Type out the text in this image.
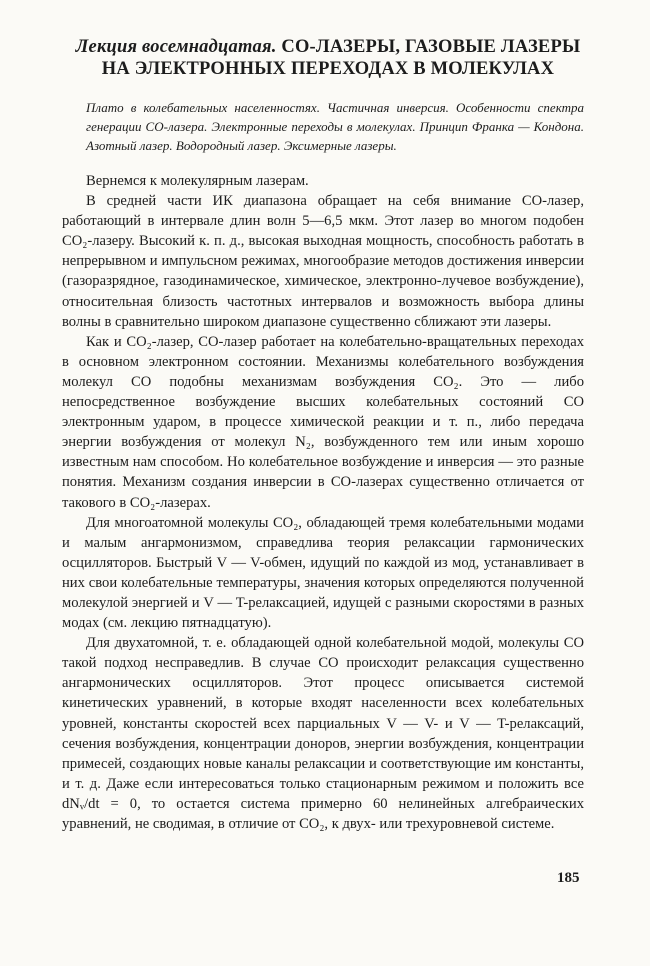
Лекция восемнадцатая. CO-ЛАЗЕРЫ, ГАЗОВЫЕ ЛАЗЕРЫ
НА ЭЛЕКТРОННЫХ ПЕРЕХОДАХ В МОЛЕКУЛАХ
Плато в колебательных населенностях. Частичная инверсия. Особенности спектра генерации CO-лазера. Электронные переходы в молекулах. Принцип Франка — Кондона. Азотный лазер. Водородный лазер. Эксимерные лазеры.

Вернемся к молекулярным лазерам.

В средней части ИК диапазона обращает на себя внимание CO-лазер, работающий в интервале длин волн 5—6,5 мкм. Этот лазер во многом подобен CO₂-лазеру. Высокий к. п. д., высокая выходная мощность, способность работать в непрерывном и импульсном режимах, многообразие методов достижения инверсии (газоразрядное, газодинамическое, химическое, электронно-лучевое возбуждение), относительная близость частотных интервалов и возможность выбора длины волны в сравнительно широком диапазоне существенно сближают эти лазеры.

Как и CO₂-лазер, CO-лазер работает на колебательно-вращательных переходах в основном электронном состоянии. Механизмы колебательного возбуждения молекул CO подобны механизмам возбуждения CO₂. Это — либо непосредственное возбуждение высших колебательных состояний CO электронным ударом, в процессе химической реакции и т. п., либо передача энергии возбуждения от молекул N₂, возбужденного тем или иным хорошо известным нам способом. Но колебательное возбуждение и инверсия — это разные понятия. Механизм создания инверсии в CO-лазерах существенно отличается от такового в CO₂-лазерах.

Для многоатомной молекулы CO₂, обладающей тремя колебательными модами и малым ангармонизмом, справедлива теория релаксации гармонических осцилляторов. Быстрый V — V-обмен, идущий по каждой из мод, устанавливает в них свои колебательные температуры, значения которых определяются полученной молекулой энергией и V — T-релаксацией, идущей с разными скоростями в разных модах (см. лекцию пятнадцатую).

Для двухатомной, т. е. обладающей одной колебательной модой, молекулы CO такой подход несправедлив. В случае CO происходит релаксация существенно ангармонических осцилляторов. Этот процесс описывается системой кинетических уравнений, в которые входят населенности всех колебательных уровней, константы скоростей всех парциальных V — V- и V — T-релаксаций, сечения возбуждения, концентрации доноров, энергии возбуждения, концентрации примесей, создающих новые каналы релаксации и соответствующие им константы, и т. д. Даже если интересоваться только стационарным режимом и положить все dNᵥ/dt = 0, то остается система примерно 60 нелинейных алгебраических уравнений, не сводимая, в отличие от CO₂, к двух- или трехуровневой системе.

185
